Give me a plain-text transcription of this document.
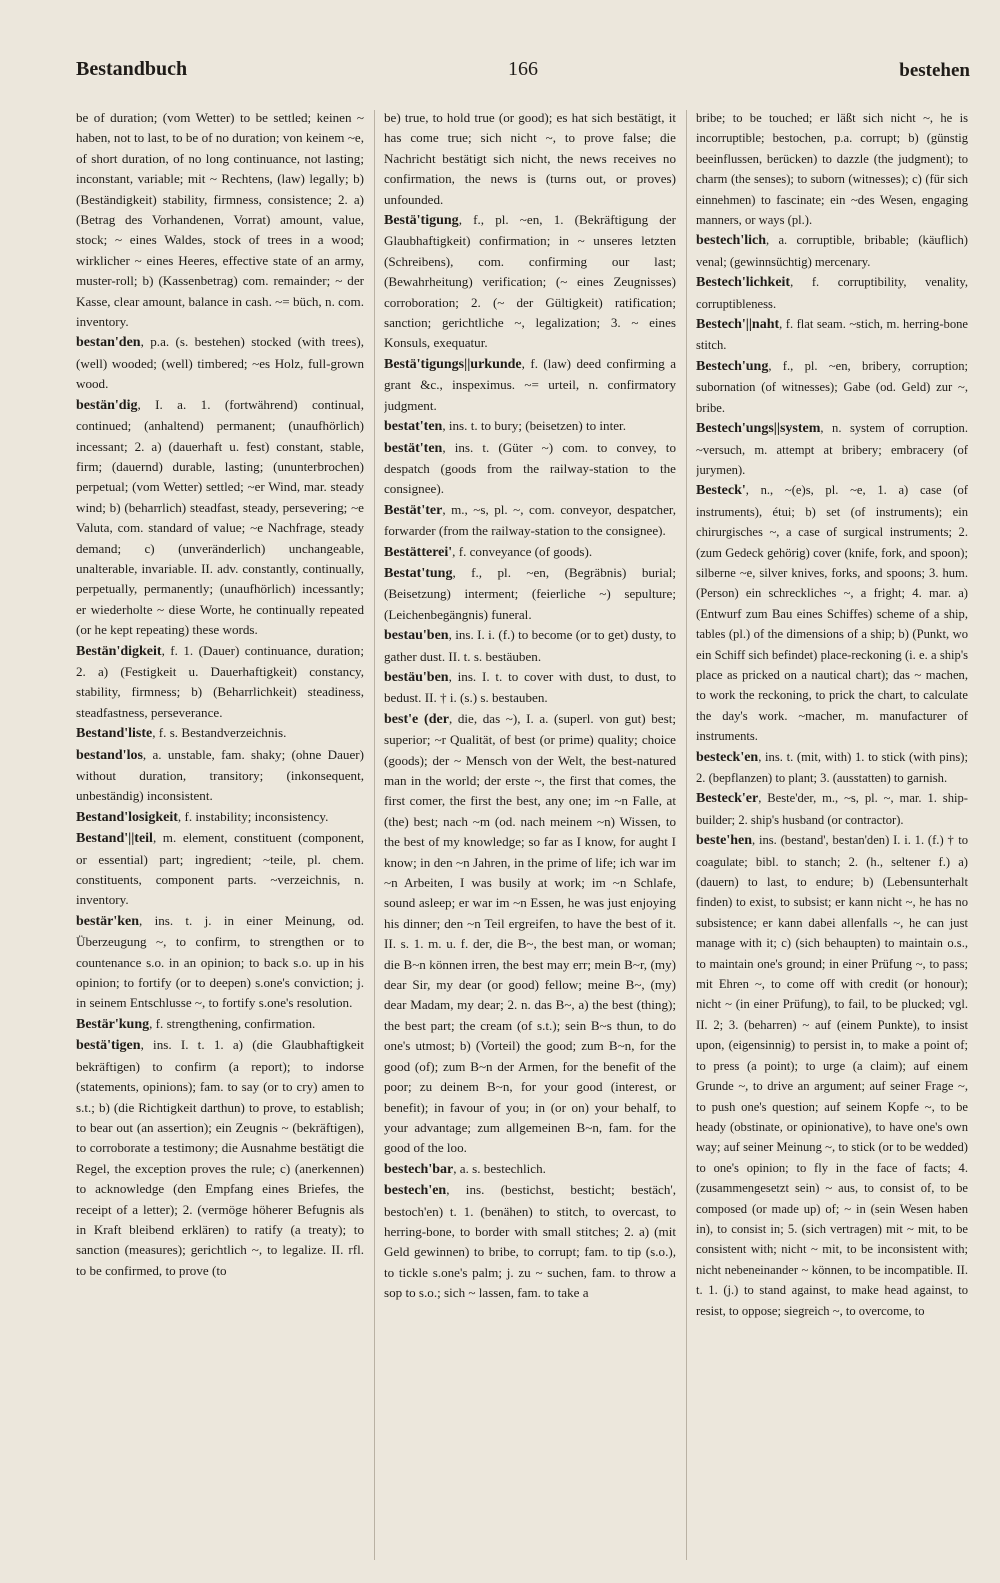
Bestandbuch	166	bestehen

be of duration; (vom Wetter) to be settled; keinen ~ haben, not to last, to be of no duration; von keinem ~e, of short duration, of no long continuance, not lasting; inconstant, variable; mit ~ Rechtens, (law) legally; b) (Beständigkeit) stability, firmness, consistence; 2. a) (Betrag des Vorhandenen, Vorrat) amount, value, stock; ~ eines Waldes, stock of trees in a wood; wirklicher ~ eines Heeres, effective state of an army, muster-roll; b) (Kassenbetrag) com. remainder; ~ der Kasse, clear amount, balance in cash. ~= büch, n. com. inventory.

bestan'den, p.a. (s. bestehen) stocked (with trees), (well) wooded; (well) timbered; ~es Holz, full-grown wood.

bestän'dig, I. a. 1. (fortwährend) continual, continued; (anhaltend) permanent; (unaufhörlich) incessant; 2. a) (dauerhaft u. fest) constant, stable, firm; (dauernd) durable, lasting; (ununterbrochen) perpetual; (vom Wetter) settled; ~er Wind, mar. steady wind; b) (beharrlich) steadfast, steady, persevering; ~e Valuta, com. standard of value; ~e Nachfrage, steady demand; c) (unveränderlich) unchangeable, unalterable, invariable. II. adv. constantly, continually, perpetually, permanently; (unaufhörlich) incessantly; er wiederholte ~ diese Worte, he continually repeated (or he kept repeating) these words.

Bestän'digkeit, f. 1. (Dauer) continuance, duration; 2. a) (Festigkeit u. Dauerhaftigkeit) constancy, stability, firmness; b) (Beharrlichkeit) steadiness, steadfastness, perseverance.

Bestand'liste, f. s. Bestandverzeichnis.

bestand'los, a. unstable, fam. shaky; (ohne Dauer) without duration, transitory; (inkonsequent, unbeständig) inconsistent.

Bestand'losigkeit, f. instability; inconsistency.

Bestand'||teil, m. element, constituent (component, or essential) part; ingredient; ~teile, pl. chem. constituents, component parts. ~verzeichnis, n. inventory.

bestär'ken, ins. t. j. in einer Meinung, od. Überzeugung ~, to confirm, to strengthen or to countenance s.o. in an opinion; to back s.o. up in his opinion; to fortify (or to deepen) s.one's conviction; j. in seinem Entschlusse ~, to fortify s.one's resolution.

Bestär'kung, f. strengthening, confirmation.

bestä'tigen, ins. I. t. 1. a) (die Glaubhaftigkeit bekräftigen) to confirm (a report); to indorse (statements, opinions); fam. to say (or to cry) amen to s.t.; b) (die Richtigkeit darthun) to prove, to establish; to bear out (an assertion); ein Zeugnis ~ (bekräftigen), to corroborate a testimony; die Ausnahme bestätigt die Regel, the exception proves the rule; c) (anerkennen) to acknowledge (den Empfang eines Briefes, the receipt of a letter); 2. (vermöge höherer Befugnis als in Kraft bleibend erklären) to ratify (a treaty); to sanction (measures); gerichtlich ~, to legalize. II. rfl. to be confirmed, to prove (to

be) true, to hold true (or good); es hat sich bestätigt, it has come true; sich nicht ~, to prove false; die Nachricht bestätigt sich nicht, the news receives no confirmation, the news is (turns out, or proves) unfounded.

Bestä'tigung, f., pl. ~en, 1. (Bekräftigung der Glaubhaftigkeit) confirmation; in ~ unseres letzten (Schreibens), com. confirming our last; (Bewahrheitung) verification; (~ eines Zeugnisses) corroboration; 2. (~ der Gültigkeit) ratification; sanction; gerichtliche ~, legalization; 3. ~ eines Konsuls, exequatur.

Bestä'tigungs||urkunde, f. (law) deed confirming a grant &c., inspeximus. ~= urteil, n. confirmatory judgment.

bestat'ten, ins. t. to bury; (beisetzen) to inter.

bestät'ten, ins. t. (Güter ~) com. to convey, to despatch (goods from the railway-station to the consignee).

Bestät'ter, m., ~s, pl. ~, com. conveyor, despatcher, forwarder (from the railway-station to the consignee).

Bestätterei', f. conveyance (of goods).

Bestat'tung, f., pl. ~en, (Begräbnis) burial; (Beisetzung) interment; (feierliche ~) sepulture; (Leichenbegängnis) funeral.

bestau'ben, ins. I. i. (f.) to become (or to get) dusty, to gather dust. II. t. s. bestäuben.

bestäu'ben, ins. I. t. to cover with dust, to dust, to bedust. II. † i. (s.) s. bestauben.

best'e (der, die, das ~), I. a. (superl. von gut) best; superior; ~r Qualität, of best (or prime) quality; choice (goods); der ~ Mensch von der Welt, the best-natured man in the world; der erste ~, the first that comes, the first comer, the first the best, any one; im ~n Falle, at (the) best; nach ~m (od. nach meinem ~n) Wissen, to the best of my knowledge; so far as I know, for aught I know; in den ~n Jahren, in the prime of life; ich war im ~n Arbeiten, I was busily at work; im ~n Schlafe, sound asleep; er war im ~n Essen, he was just enjoying his dinner; den ~n Teil ergreifen, to have the best of it. II. s. 1. m. u. f. der, die B~, the best man, or woman; die B~n können irren, the best may err; mein B~r, (my) dear Sir, my dear (or good) fellow; meine B~, (my) dear Madam, my dear; 2. n. das B~, a) the best (thing); the best part; the cream (of s.t.); sein B~s thun, to do one's utmost; b) (Vorteil) the good; zum B~n, for the good (of); zum B~n der Armen, for the benefit of the poor; zu deinem B~n, for your good (interest, or benefit); in favour of you; in (or on) your behalf, to your advantage; zum allgemeinen B~n, fam. for the good of the loo.

bestech'bar, a. s. bestechlich.

bestech'en, ins. (bestichst, besticht; bestäch', bestoch'en) t. 1. (benähen) to stitch, to overcast, to herring-bone, to border with small stitches; 2. a) (mit Geld gewinnen) to bribe, to corrupt; fam. to tip (s.o.), to tickle s.one's palm; j. zu ~ suchen, fam. to throw a sop to s.o.; sich ~ lassen, fam. to take a

bribe; to be touched; er läßt sich nicht ~, he is incorruptible; bestochen, p.a. corrupt; b) (günstig beeinflussen, berücken) to dazzle (the judgment); to charm (the senses); to suborn (witnesses); c) (für sich einnehmen) to fascinate; ein ~des Wesen, engaging manners, or ways (pl.).

bestech'lich, a. corruptible, bribable; (käuflich) venal; (gewinnsüchtig) mercenary.

Bestech'lichkeit, f. corruptibility, venality, corruptibleness.

Bestech'||naht, f. flat seam. ~stich, m. herring-bone stitch.

Bestech'ung, f., pl. ~en, bribery, corruption; subornation (of witnesses); Gabe (od. Geld) zur ~, bribe.

Bestech'ungs||system, n. system of corruption. ~versuch, m. attempt at bribery; embracery (of jurymen).

Besteck', n., ~(e)s, pl. ~e, 1. a) case (of instruments), étui; b) set (of instruments); ein chirurgisches ~, a case of surgical instruments; 2. (zum Gedeck gehörig) cover (knife, fork, and spoon); silberne ~e, silver knives, forks, and spoons; 3. hum. (Person) ein schreckliches ~, a fright; 4. mar. a) (Entwurf zum Bau eines Schiffes) scheme of a ship, tables (pl.) of the dimensions of a ship; b) (Punkt, wo ein Schiff sich befindet) place-reckoning (i. e. a ship's place as pricked on a nautical chart); das ~ machen, to work the reckoning, to prick the chart, to calculate the day's work. ~macher, m. manufacturer of instruments.

besteck'en, ins. t. (mit, with) 1. to stick (with pins); 2. (bepflanzen) to plant; 3. (ausstatten) to garnish.

Besteck'er, Beste'der, m., ~s, pl. ~, mar. 1. ship-builder; 2. ship's husband (or contractor).

beste'hen, ins. (bestand', bestan'den) I. i. 1. (f.) † to coagulate; bibl. to stanch; 2. (h., seltener f.) a) (dauern) to last, to endure; b) (Lebensunterhalt finden) to exist, to subsist; er kann nicht ~, he has no subsistence; er kann dabei allenfalls ~, he can just manage with it; c) (sich behaupten) to maintain o.s., to maintain one's ground; in einer Prüfung ~, to pass; mit Ehren ~, to come off with credit (or honour); nicht ~ (in einer Prüfung), to fail, to be plucked; vgl. II. 2; 3. (beharren) ~ auf (einem Punkte), to insist upon, (eigensinnig) to persist in, to make a point of; to press (a point); to urge (a claim); auf einem Grunde ~, to drive an argument; auf seiner Frage ~, to push one's question; auf seinem Kopfe ~, to be heady (obstinate, or opinionative), to have one's own way; auf seiner Meinung ~, to stick (or to be wedded) to one's opinion; to fly in the face of facts; 4. (zusammengesetzt sein) ~ aus, to consist of, to be composed (or made up) of; ~ in (sein Wesen haben in), to consist in; 5. (sich vertragen) mit ~ mit, to be consistent with; nicht ~ mit, to be inconsistent with; nicht nebeneinander ~ können, to be incompatible. II. t. 1. (j.) to stand against, to make head against, to resist, to oppose; siegreich ~, to overcome, to
